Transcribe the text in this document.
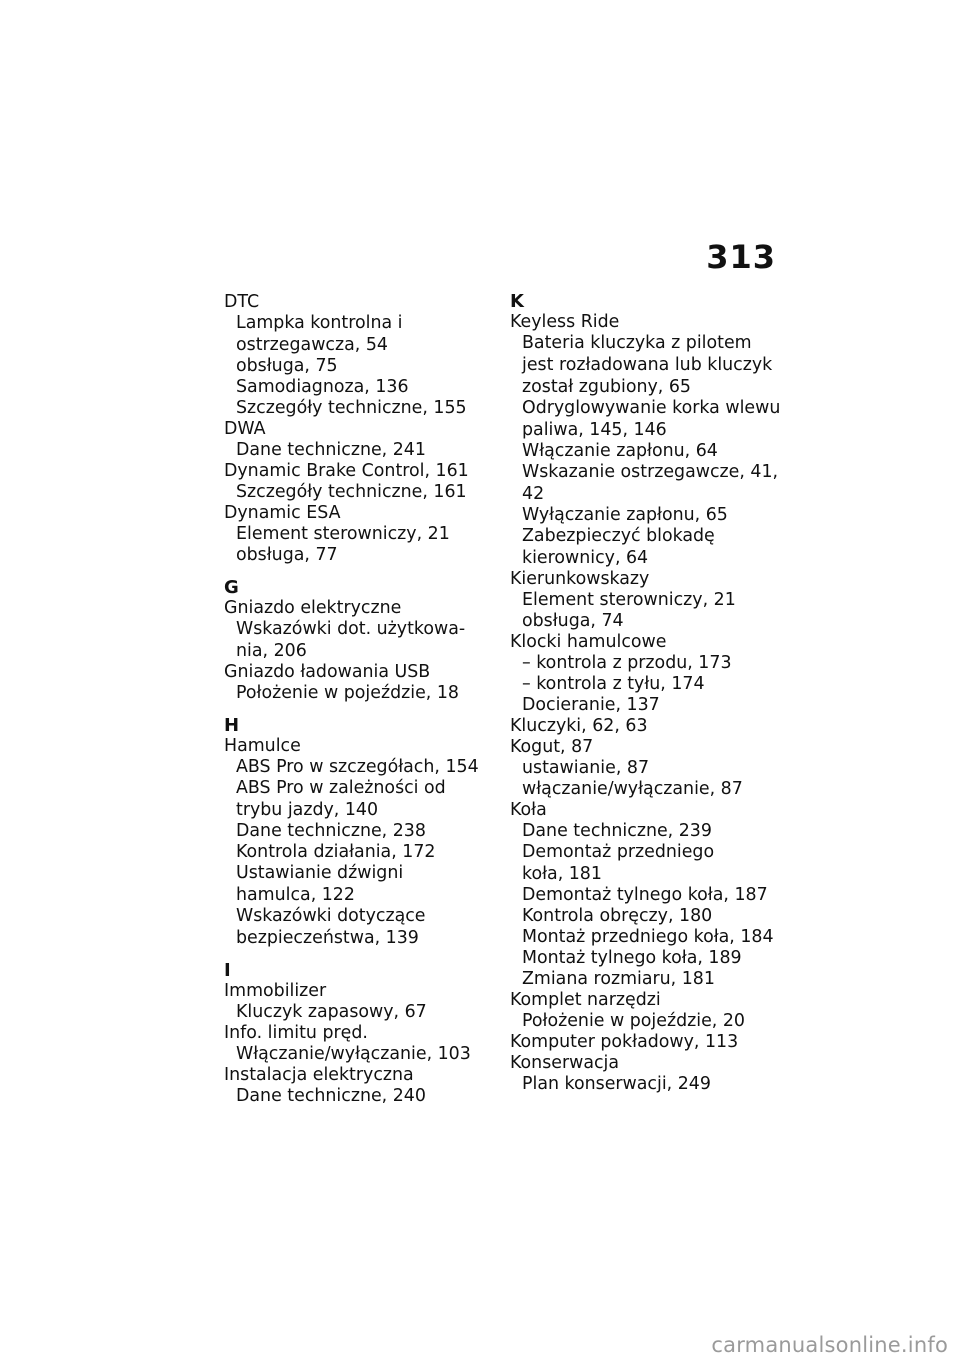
313
DTC
Lampka kontrolna i
ostrzegawcza, 54
obsługa, 75
Samodiagnoza, 136
Szczegóły techniczne, 155
DWA
Dane techniczne, 241
Dynamic Brake Control, 161
Szczegóły techniczne, 161
Dynamic ESA
Element sterowniczy, 21
obsługa, 77
G
Gniazdo elektryczne
Wskazówki dot. użytkowa-
nia, 206
Gniazdo ładowania USB
Położenie w pojeździe, 18
H
Hamulce
ABS Pro w szczegółach, 154
ABS Pro w zależności od
trybu jazdy, 140
Dane techniczne, 238
Kontrola działania, 172
Ustawianie dźwigni
hamulca, 122
Wskazówki dotyczące
bezpieczeństwa, 139
I
Immobilizer
Kluczyk zapasowy, 67
Info. limitu pręd.
Włączanie/wyłączanie, 103
Instalacja elektryczna
Dane techniczne, 240
K
Keyless Ride
Bateria kluczyka z pilotem
jest rozładowana lub kluczyk
został zgubiony, 65
Odryglowywanie korka wlewu
paliwa, 145, 146
Włączanie zapłonu, 64
Wskazanie ostrzegawcze, 41,
42
Wyłączanie zapłonu, 65
Zabezpieczyć blokadę
kierownicy, 64
Kierunkowskazy
Element sterowniczy, 21
obsługa, 74
Klocki hamulcowe
– kontrola z przodu, 173
– kontrola z tyłu, 174
Docieranie, 137
Kluczyki, 62, 63
Kogut, 87
ustawianie, 87
włączanie/wyłączanie, 87
Koła
Dane techniczne, 239
Demontaż przedniego
koła, 181
Demontaż tylnego koła, 187
Kontrola obręczy, 180
Montaż przedniego koła, 184
Montaż tylnego koła, 189
Zmiana rozmiaru, 181
Komplet narzędzi
Położenie w pojeździe, 20
Komputer pokładowy, 113
Konserwacja
Plan konserwacji, 249
carmanualsonline.info
